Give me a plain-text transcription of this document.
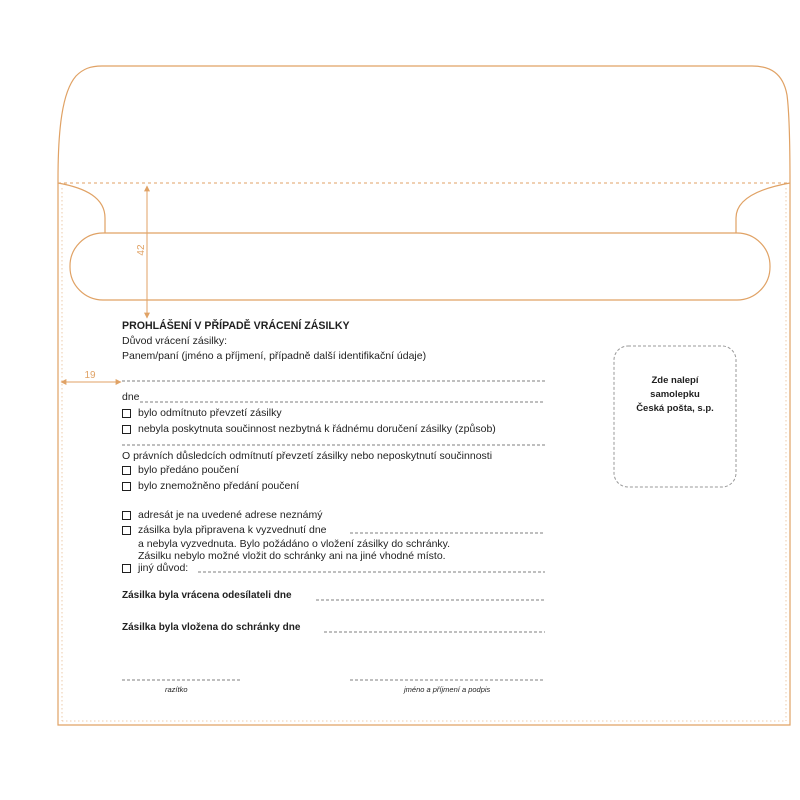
42
19
PROHLÁŠENÍ V PŘÍPADĚ VRÁCENÍ ZÁSILKY
Důvod vrácení zásilky:
Panem/paní (jméno a příjmení, případně další identifikační údaje)
dne
bylo odmítnuto převzetí zásilky
nebyla poskytnuta součinnost nezbytná k řádnému doručení zásilky (způsob)
O právních důsledcích odmítnutí převzetí zásilky nebo neposkytnutí součinnosti
bylo předáno poučení
bylo znemožněno předání poučení
adresát je na uvedené adrese neznámý
zásilka byla připravena k vyzvednutí dne
a nebyla vyzvednuta. Bylo požádáno o vložení zásilky do schránky.
Zásilku nebylo možné vložit do schránky ani na jiné vhodné místo.
jiný důvod:
Zásilka byla vrácena odesílateli dne
Zásilka byla vložena do schránky dne
razítko	jméno a příjmení a podpis
Zde nalepí
samolepku
Česká pošta, s.p.
